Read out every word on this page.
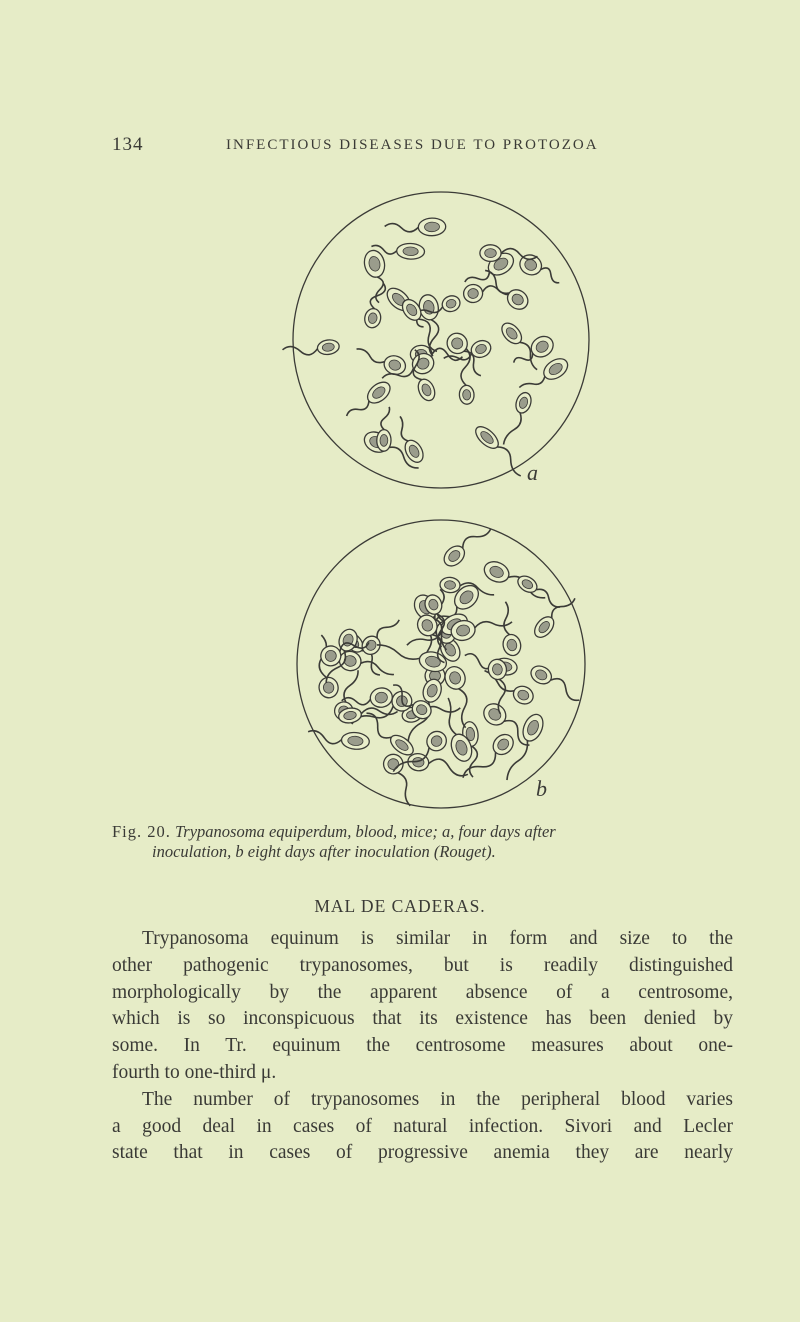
134	INFECTIOUS DISEASES DUE TO PROTOZOA
a
b
Fig. 20. Trypanosoma equiperdum, blood, mice; a, four days after
inoculation, b eight days after inoculation (Rouget).
MAL DE CADERAS.
Trypanosoma equinum is similar in form and size to the
other pathogenic trypanosomes, but is readily distinguished
morphologically by the apparent absence of a centrosome,
which is so inconspicuous that its existence has been denied by
some. In Tr. equinum the centrosome measures about one-
fourth to one-third μ.
The number of trypanosomes in the peripheral blood varies
a good deal in cases of natural infection. Sivori and Lecler
state that in cases of progressive anemia they are nearly
